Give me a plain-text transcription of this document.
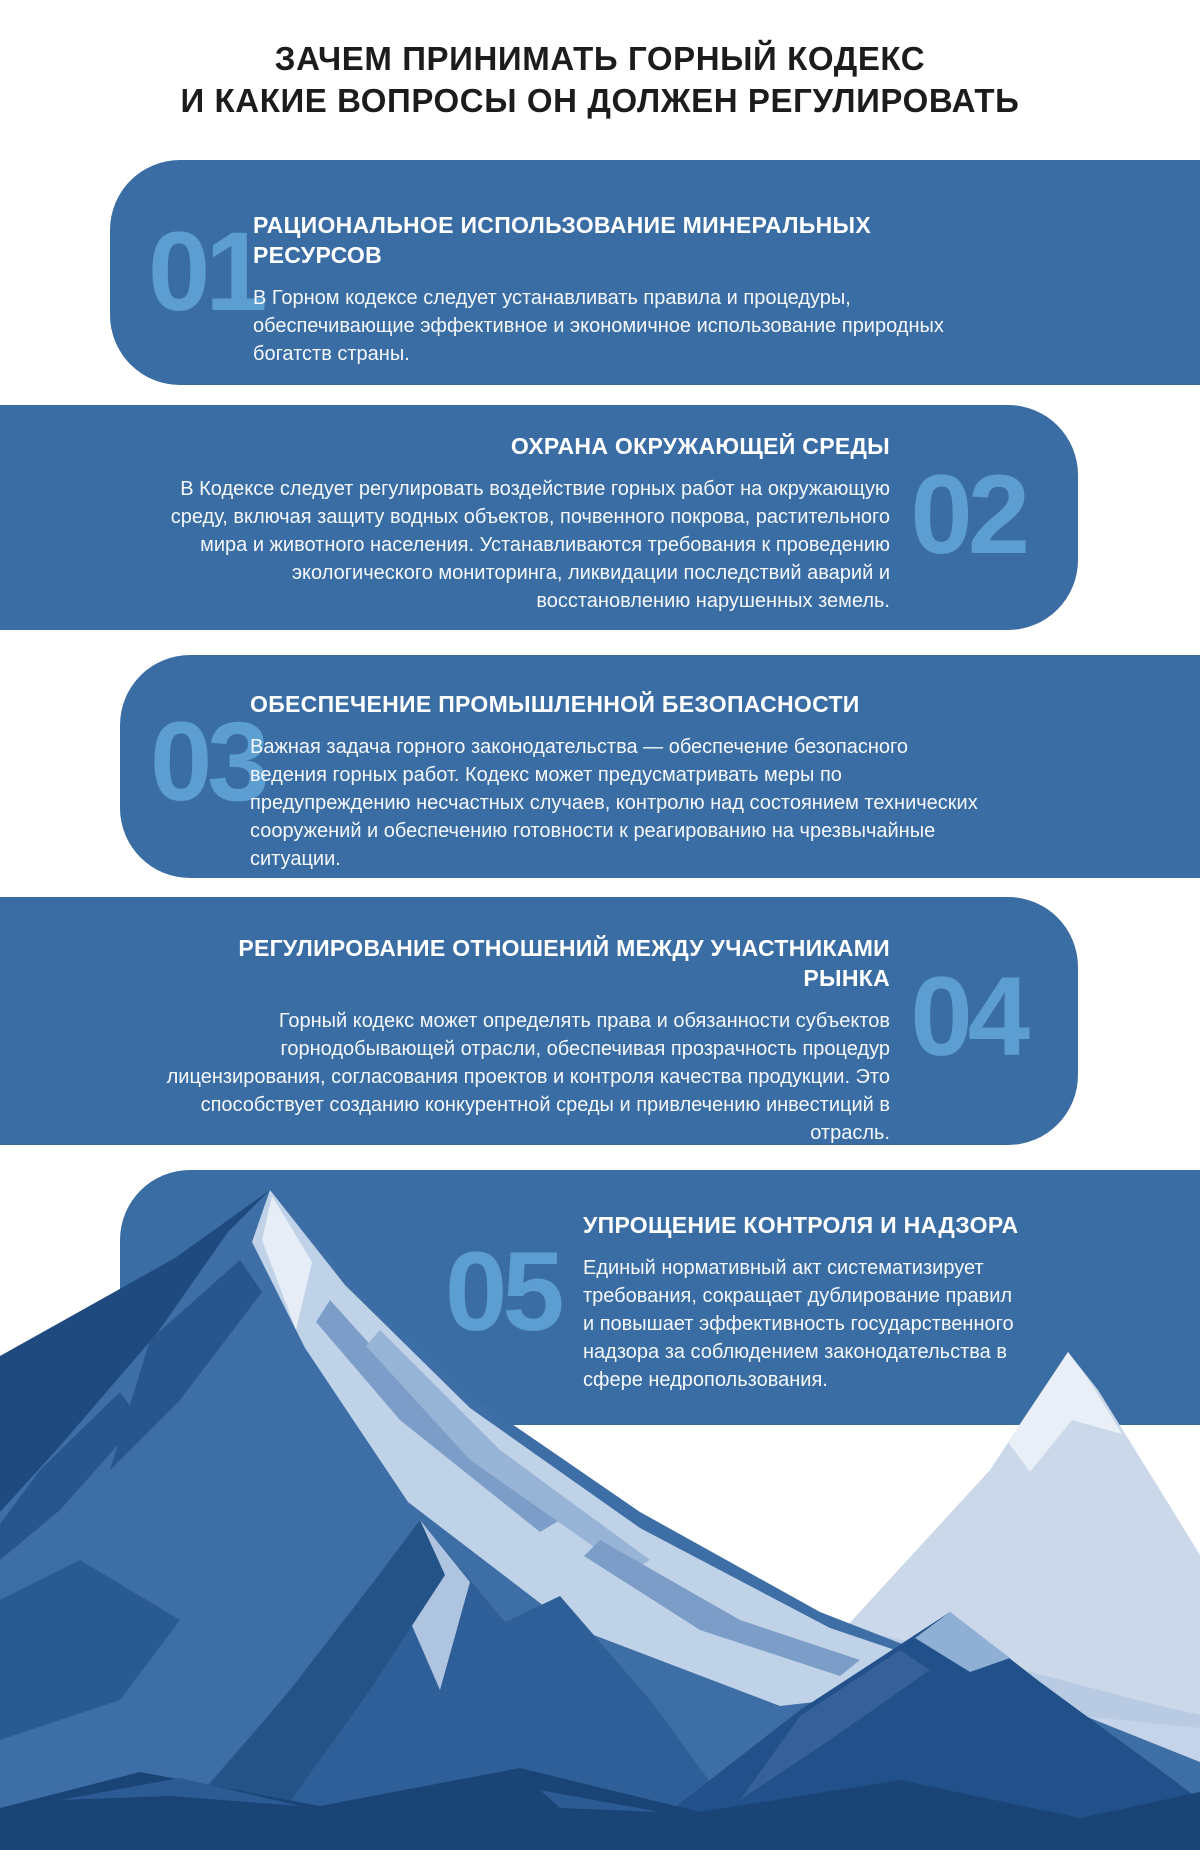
ЗАЧЕМ ПРИНИМАТЬ ГОРНЫЙ КОДЕКС
И КАКИЕ ВОПРОСЫ ОН ДОЛЖЕН РЕГУЛИРОВАТЬ
01
РАЦИОНАЛЬНОЕ ИСПОЛЬЗОВАНИЕ МИНЕРАЛЬНЫХ РЕСУРСОВ

В Горном кодексе следует устанавливать правила и процедуры, обеспечивающие эффективное и экономичное использование природных богатств страны.

02
ОХРАНА ОКРУЖАЮЩЕЙ СРЕДЫ

В Кодексе следует регулировать воздействие горных работ на окружающую среду, включая защиту водных объектов, почвенного покрова, растительного мира и животного населения. Устанавливаются требования к проведению экологического мониторинга, ликвидации последствий аварий и восстановлению нарушенных земель.

03
ОБЕСПЕЧЕНИЕ ПРОМЫШЛЕННОЙ БЕЗОПАСНОСТИ

Важная задача горного законодательства — обеспечение безопасного ведения горных работ. Кодекс может предусматривать меры по предупреждению несчастных случаев, контролю над состоянием технических сооружений и обеспечению готовности к реагированию на чрезвычайные ситуации.

04
РЕГУЛИРОВАНИЕ ОТНОШЕНИЙ МЕЖДУ УЧАСТНИКАМИ РЫНКА

Горный кодекс может определять права и обязанности субъектов горнодобывающей отрасли, обеспечивая прозрачность процедур лицензирования, согласования проектов и контроля качества продукции. Это способствует созданию конкурентной среды и привлечению инвестиций в отрасль.

05
УПРОЩЕНИЕ КОНТРОЛЯ И НАДЗОРА

Единый нормативный акт систематизирует требования, сокращает дублирование правил и повышает эффективность государственного надзора за соблюдением законодательства в сфере недропользования.
